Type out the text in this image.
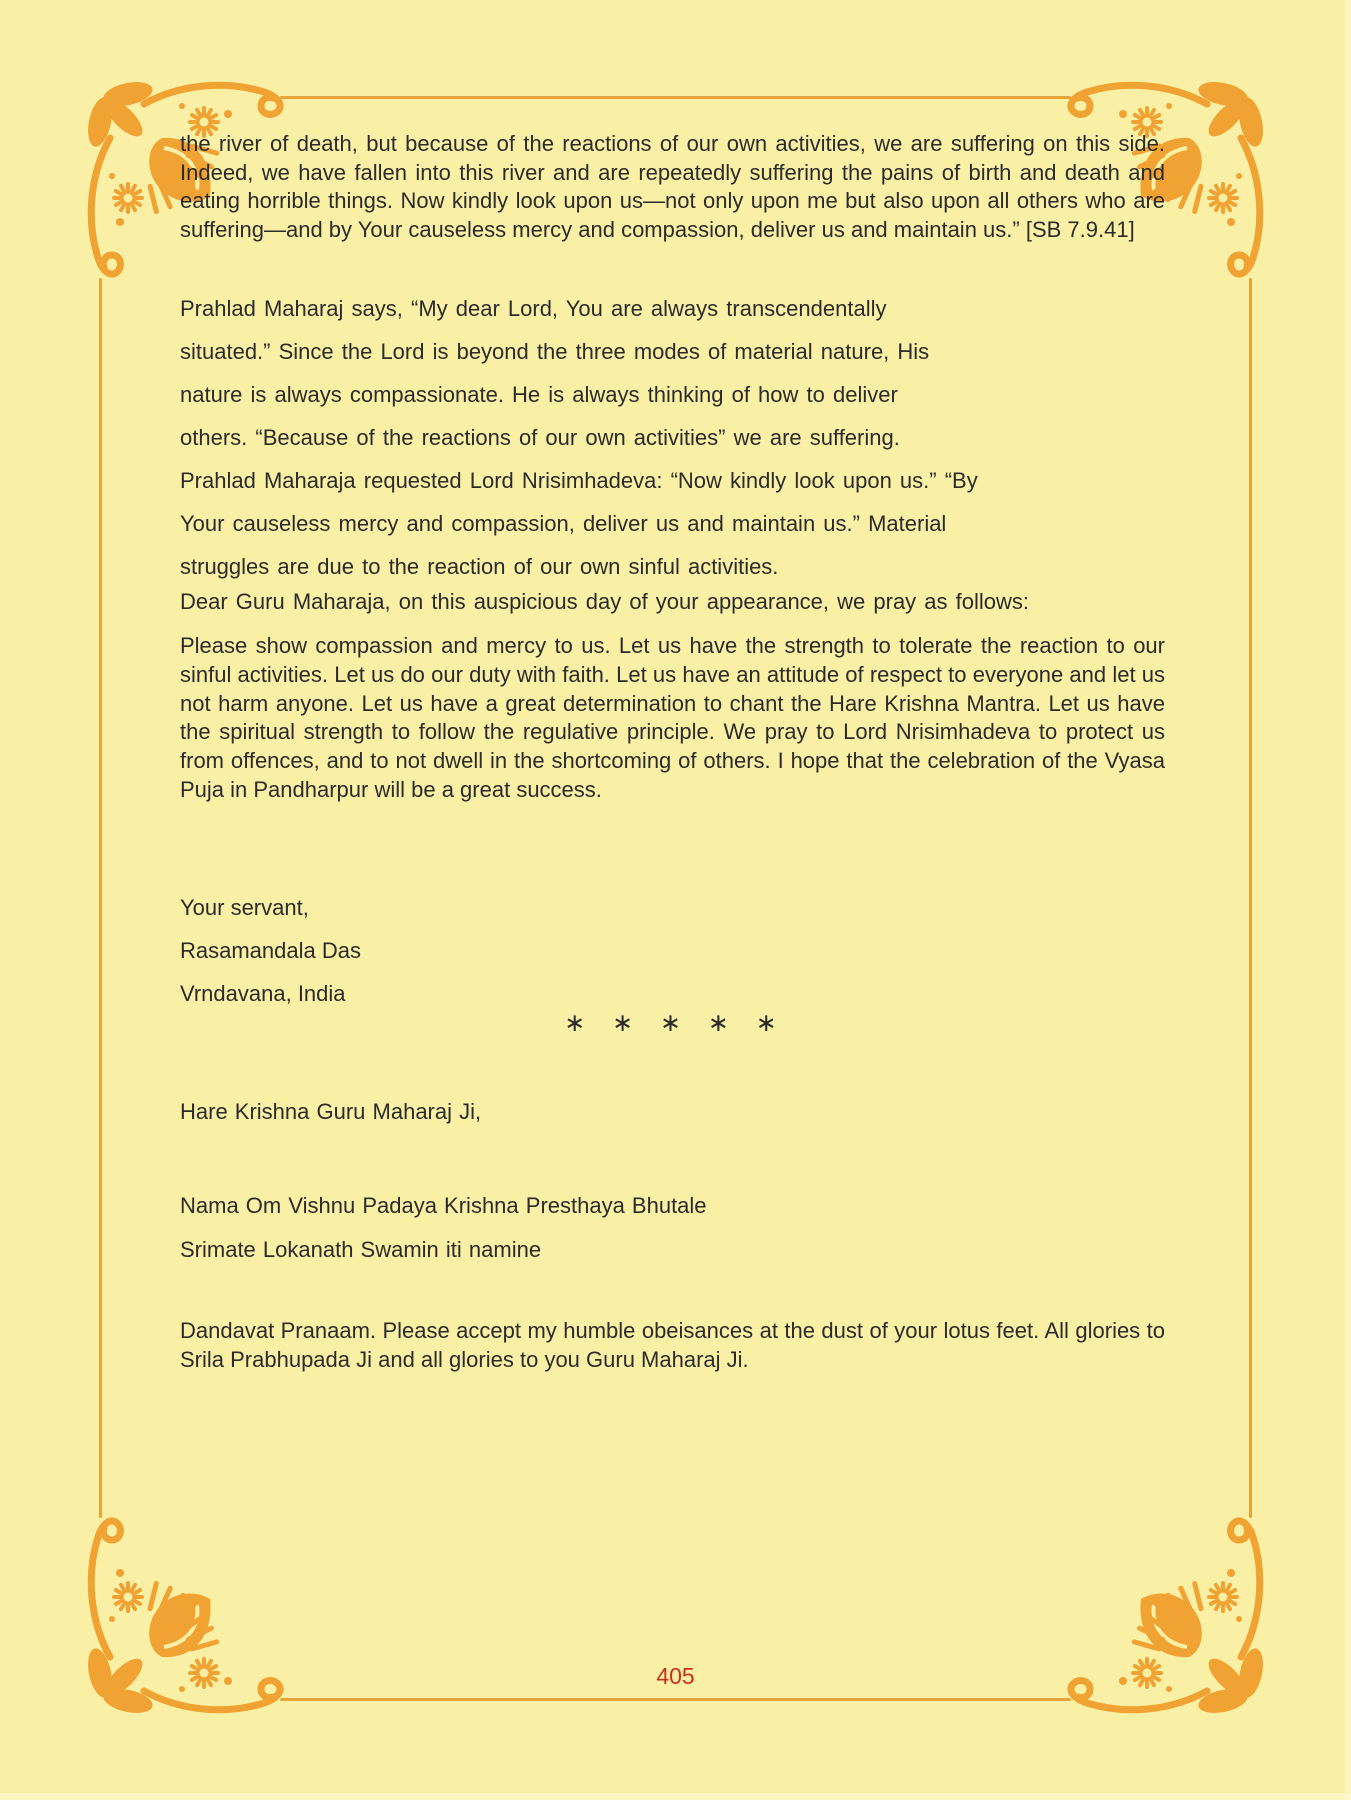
the river of death, but because of the reactions of our own activities, we are suffering on this side. Indeed, we have fallen into this river and are repeatedly suffering the pains of birth and death and eating horrible things. Now kindly look upon us—not only upon me but also upon all others who are suffering—and by Your causeless mercy and compassion, deliver us and maintain us.” [SB 7.9.41]
Prahlad Maharaj says, “My dear Lord, You are always transcendentally
situated.” Since the Lord is beyond the three modes of material nature, His
nature is always compassionate. He is always thinking of how to deliver
others. “Because of the reactions of our own activities” we are suffering.
Prahlad Maharaja requested Lord Nrisimhadeva: “Now kindly look upon us.” “By
Your causeless mercy and compassion, deliver us and maintain us.” Material
struggles are due to the reaction of our own sinful activities.
Dear Guru Maharaja, on this auspicious day of your appearance, we pray as follows:
Please show compassion and mercy to us. Let us have the strength to tolerate the reaction to our sinful activities. Let us do our duty with faith. Let us have an attitude of respect to everyone and let us not harm anyone. Let us have a great determination to chant the Hare Krishna Mantra. Let us have the spiritual strength to follow the regulative principle. We pray to Lord Nrisimhadeva to protect us from offences, and to not dwell in the shortcoming of others. I hope that the celebration of the Vyasa Puja in Pandharpur will be a great success.
Your servant,
Rasamandala Das
Vrndavana, India
∗ ∗ ∗ ∗ ∗
Hare Krishna Guru Maharaj Ji,
Nama Om Vishnu Padaya Krishna Presthaya Bhutale
Srimate Lokanath Swamin iti namine
Dandavat Pranaam. Please accept my humble obeisances at the dust of your lotus feet. All glories to Srila Prabhupada Ji and all glories to you Guru Maharaj Ji.
405
